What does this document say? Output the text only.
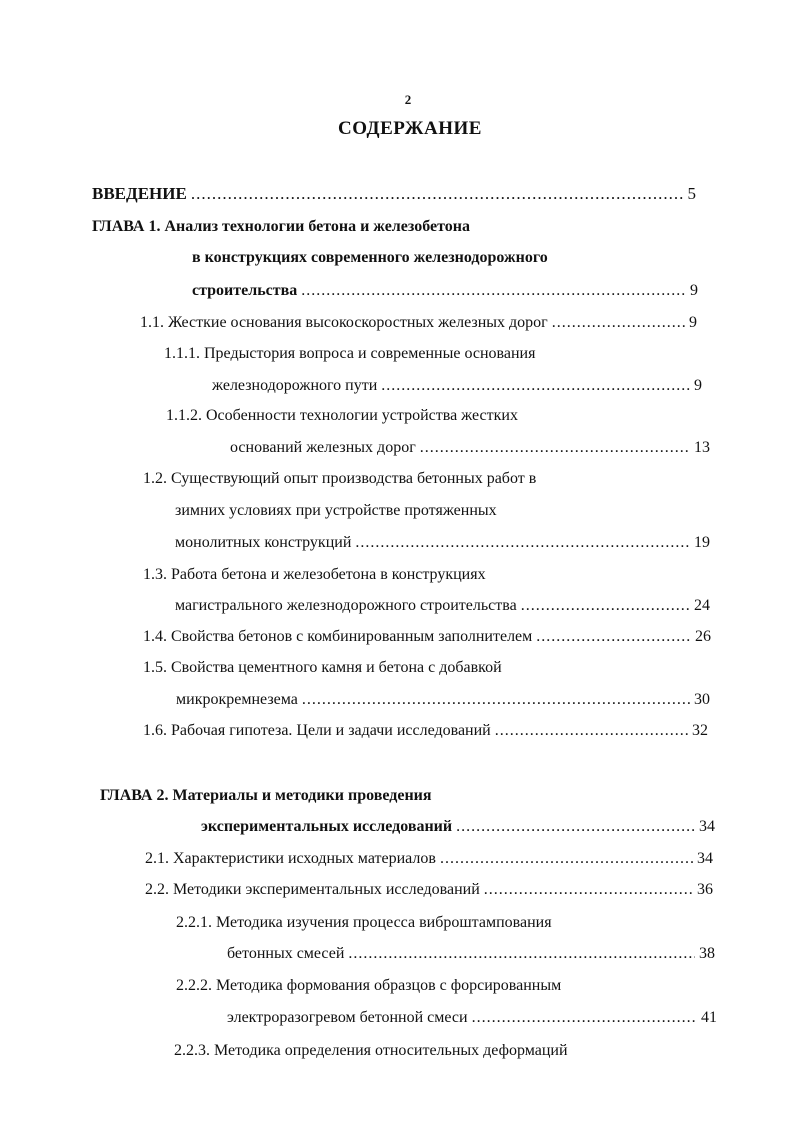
2
СОДЕРЖАНИЕ
ВВЕДЕНИЕ .....	5
ГЛАВА 1. Анализ технологии бетона и железобетона
в конструкциях современного железнодорожного
строительства .....	9
1.1. Жесткие основания высокоскоростных железных дорог .....	9
1.1.1. Предыстория вопроса и современные основания
железнодорожного пути .....	9
1.1.2. Особенности технологии устройства жестких
оснований железных дорог .....	13
1.2. Существующий опыт производства бетонных работ в
зимних условиях при устройстве протяженных
монолитных конструкций .....	19
1.3. Работа бетона и железобетона в конструкциях
магистрального железнодорожного строительства .....	24
1.4. Свойства бетонов с комбинированным заполнителем .....	26
1.5. Свойства цементного камня и бетона с добавкой
микрокремнезема .....	30
1.6. Рабочая гипотеза. Цели и задачи исследований .....	32
ГЛАВА 2. Материалы и методики проведения
экспериментальных исследований .....	34
2.1. Характеристики исходных материалов .....	34
2.2. Методики экспериментальных исследований .....	36
2.2.1. Методика изучения процесса виброштампования
бетонных смесей .....	38
2.2.2. Методика формования образцов с форсированным
электроразогревом бетонной смеси .....	41
2.2.3. Методика определения относительных деформаций
